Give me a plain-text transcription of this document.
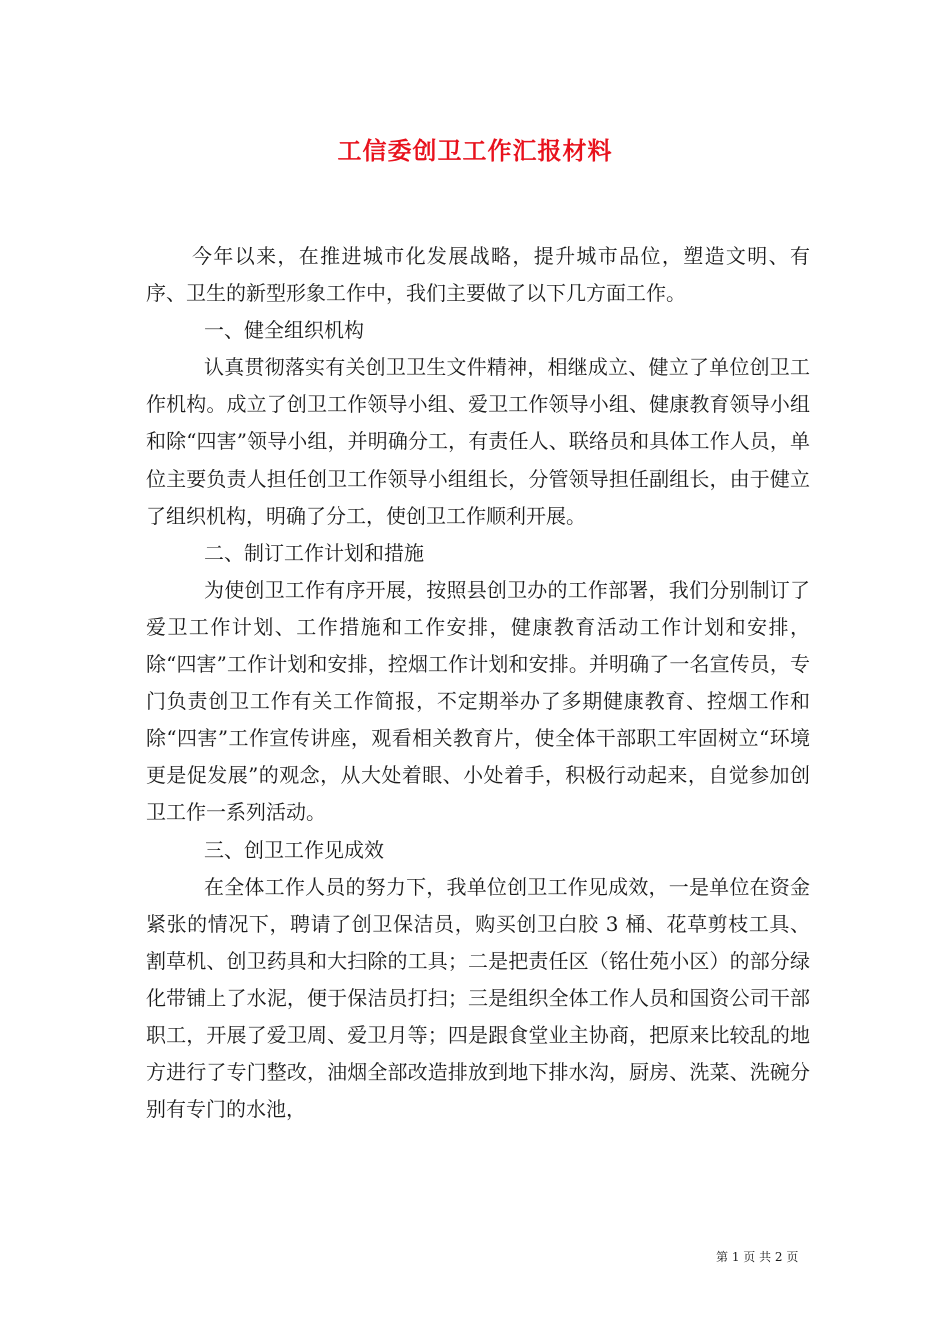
工信委创卫工作汇报材料

今年以来，在推进城市化发展战略，提升城市品位，塑造文明、有序、卫生的新型形象工作中，我们主要做了以下几方面工作。

一、健全组织机构

认真贯彻落实有关创卫卫生文件精神，相继成立、健立了单位创卫工作机构。成立了创卫工作领导小组、爱卫工作领导小组、健康教育领导小组和除“四害”领导小组，并明确分工，有责任人、联络员和具体工作人员，单位主要负责人担任创卫工作领导小组组长，分管领导担任副组长，由于健立了组织机构，明确了分工，使创卫工作顺利开展。

二、制订工作计划和措施

为使创卫工作有序开展，按照县创卫办的工作部署，我们分别制订了爱卫工作计划、工作措施和工作安排，健康教育活动工作计划和安排，除“四害”工作计划和安排，控烟工作计划和安排。并明确了一名宣传员，专门负责创卫工作有关工作简报，不定期举办了多期健康教育、控烟工作和除“四害”工作宣传讲座，观看相关教育片，使全体干部职工牢固树立“环境更是促发展”的观念，从大处着眼、小处着手，积极行动起来，自觉参加创卫工作一系列活动。

三、创卫工作见成效

在全体工作人员的努力下，我单位创卫工作见成效，一是单位在资金紧张的情况下，聘请了创卫保洁员，购买创卫白胶 3 桶、花草剪枝工具、割草机、创卫药具和大扫除的工具；二是把责任区（铭仕苑小区）的部分绿化带铺上了水泥，便于保洁员打扫；三是组织全体工作人员和国资公司干部职工，开展了爱卫周、爱卫月等；四是跟食堂业主协商，把原来比较乱的地方进行了专门整改，油烟全部改造排放到地下排水沟，厨房、洗菜、洗碗分别有专门的水池，

第 1 页 共 2 页
